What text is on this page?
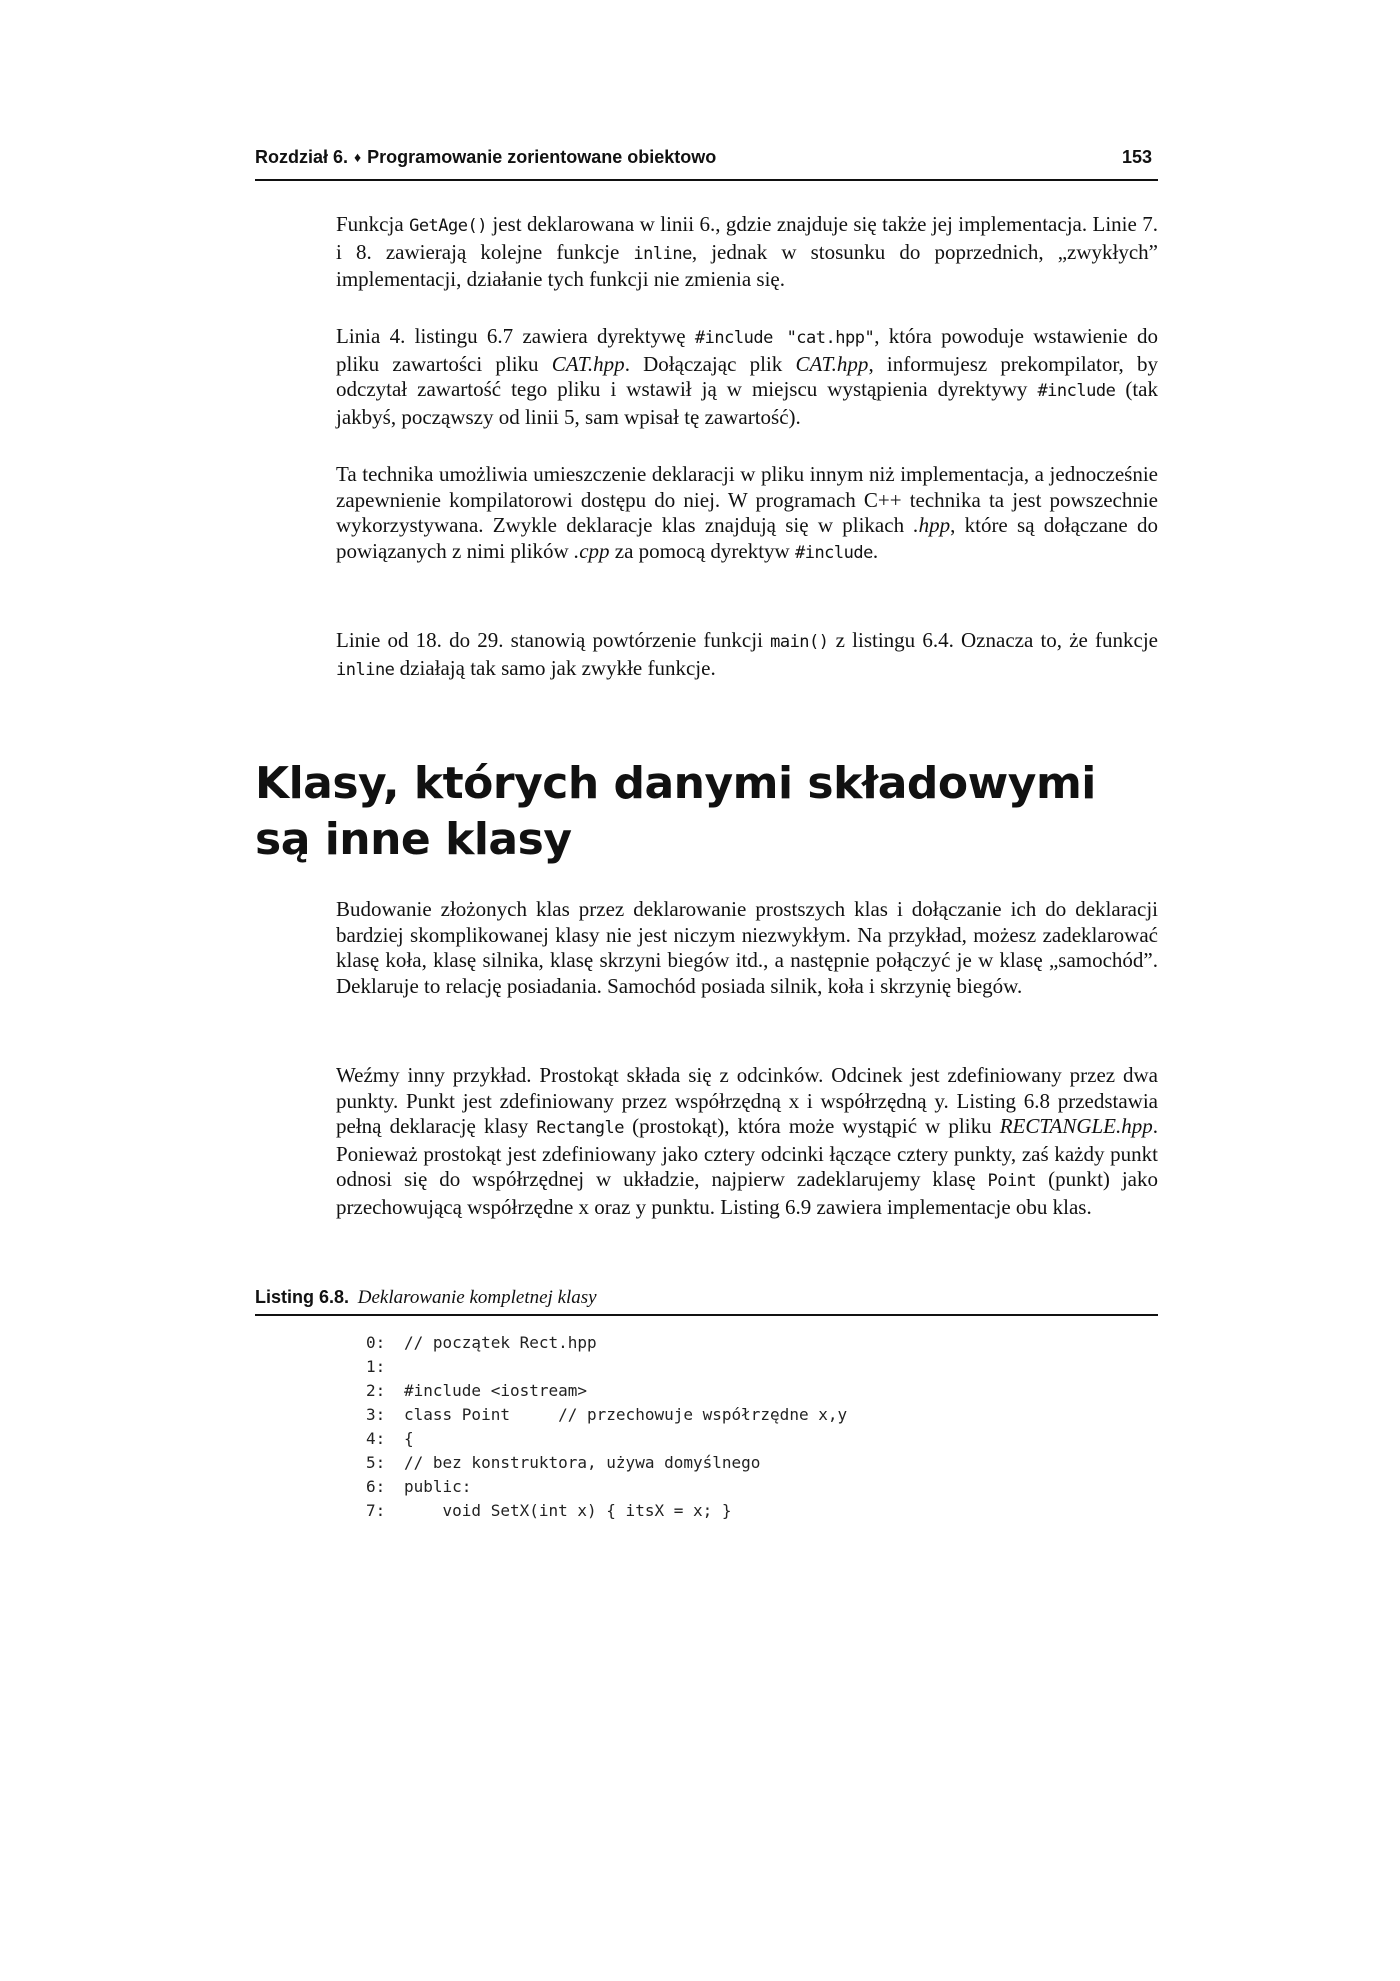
Rozdział 6. ♦ Programowanie zorientowane obiektowo	153

Funkcja GetAge() jest deklarowana w linii 6., gdzie znajduje się także jej implementacja. Linie 7. i 8. zawierają kolejne funkcje inline, jednak w stosunku do poprzednich, „zwykłych” implementacji, działanie tych funkcji nie zmienia się.

Linia 4. listingu 6.7 zawiera dyrektywę #include "cat.hpp", która powoduje wstawienie do pliku zawartości pliku CAT.hpp. Dołączając plik CAT.hpp, informujesz prekompilator, by odczytał zawartość tego pliku i wstawił ją w miejscu wystąpienia dyrektywy #include (tak jakbyś, począwszy od linii 5, sam wpisał tę zawartość).

Ta technika umożliwia umieszczenie deklaracji w pliku innym niż implementacja, a jednocześnie zapewnienie kompilatorowi dostępu do niej. W programach C++ technika ta jest powszechnie wykorzystywana. Zwykle deklaracje klas znajdują się w plikach .hpp, które są dołączane do powiązanych z nimi plików .cpp za pomocą dyrektyw #include.

Linie od 18. do 29. stanowią powtórzenie funkcji main() z listingu 6.4. Oznacza to, że funkcje inline działają tak samo jak zwykłe funkcje.

Klasy, których danymi składowymi
są inne klasy

Budowanie złożonych klas przez deklarowanie prostszych klas i dołączanie ich do deklaracji bardziej skomplikowanej klasy nie jest niczym niezwykłym. Na przykład, możesz zadeklarować klasę koła, klasę silnika, klasę skrzyni biegów itd., a następnie połączyć je w klasę „samochód”. Deklaruje to relację posiadania. Samochód posiada silnik, koła i skrzynię biegów.

Weźmy inny przykład. Prostokąt składa się z odcinków. Odcinek jest zdefiniowany przez dwa punkty. Punkt jest zdefiniowany przez współrzędną x i współrzędną y. Listing 6.8 przedstawia pełną deklarację klasy Rectangle (prostokąt), która może wystąpić w pliku RECTANGLE.hpp. Ponieważ prostokąt jest zdefiniowany jako cztery odcinki łączące cztery punkty, zaś każdy punkt odnosi się do współrzędnej w układzie, najpierw zadeklarujemy klasę Point (punkt) jako przechowującą współrzędne x oraz y punktu. Listing 6.9 zawiera implementacje obu klas.

Listing 6.8. Deklarowanie kompletnej klasy
0: // początek Rect.hpp
1:
2: #include <iostream>
3: class Point     // przechowuje współrzędne x,y
4: {
5: // bez konstruktora, używa domyślnego
6: public:
7:    void SetX(int x) { itsX = x; }
